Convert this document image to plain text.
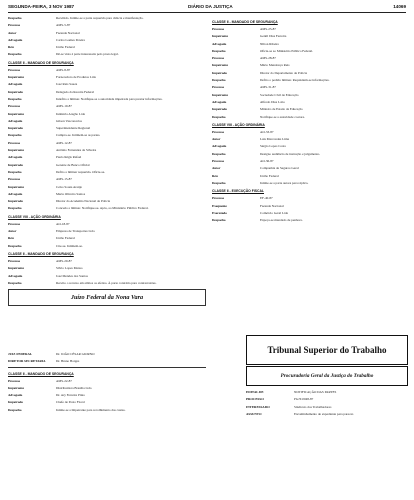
SEGUNDA-FEIRA, 3 NOV 1987	DIÁRIO DA JUSTIÇA	14069
Despacho	Recebido. Intime-se a parte requerida para ciência e manifestação.
Processo	AMS-5-87
Autor	Fazenda Nacional
Advogado	Carlos Gomes Pereira
Réu	União Federal
Despacho	Dê-se vista à parte interessada pelo prazo legal.
CLASSE II - MANDADO DE SEGURANÇA
Processo	AMS-8-87
Impetrante	Fornecedora de Produtos Ltda
Advogado	José Reis Souza
Impetrado	Delegado da Receita Federal
Despacho	Indefiro a liminar. Notifique-se a autoridade impetrada para prestar informações.
Processo	AMS-10-87
Impetrante	Indústria Aragão Ltda
Advogado	Gilson Vasconcelos
Impetrado	Superintendente Regional
Despacho	Cumpra-se. Intimem-se as partes.
Processo	AMS-12-87
Impetrante	Antônio Fernandes da Silveira
Advogado	Paulo Régis Rafael
Impetrado	Gerente de Banco Oficial
Despacho	Defiro a liminar requerida. Oficie-se.
Processo	AMS-15-87
Impetrante	Celso Souza Araújo
Advogado	Maria Oliveira Santos
Impetrado	Diretor da Academia Nacional de Polícia
Despacho	Concedo a liminar. Notifique-se. Após, ao Ministério Público Federal.
CLASSE VIII - AÇÃO ORDINÁRIA
Processo	AO-18-87
Autor	Empresa de Transportes Ltda
Réu	União Federal
Despacho	Cite-se. Intimem-se.
CLASSE II - MANDADO DE SEGURANÇA
Processo	AMS-20-87
Impetrante	Silvio Lopes Manso
Advogado	José Mendes dos Santos
Despacho	Recebo o recurso em ambos os efeitos. À parte contrária para contrarrazões.
Juízo Federal da Nona Vara
JUIZ FEDERAL	Dr. JOÃO CÉSAR GIORNO
DIRETOR SECRETARIA	Dr. Bruno Borges
CLASSE II - MANDADO DE SEGURANÇA
Processo	AMS-22-87
Impetrante	Distribuidora Brasília Ltda
Advogado	Dr. Ary Ferreira Pinto
Impetrado	Chefe de Posto Fiscal
Despacho	Intime-se a Impetrante para recolhimento das custas.
CLASSE II - MANDADO DE SEGURANÇA
Processo	AMS-25-87
Impetrante	Gentil Dias Ferreira
Advogado	Nilton Ribeiro
Despacho	Oficie-se ao Ministério Público Federal.
Processo	AMS-28-87
Impetrante	Mário Mendonça Reis
Impetrado	Diretor do Departamento de Polícia
Despacho	Defiro o pedido liminar. Requisitem-se informações.
Processo	AMS-31-87
Impetrante	Sociedade Civil de Educação
Advogado	Alfredo Dias Lobo
Impetrado	Ministro de Estado da Educação
Despacho	Notifique-se a autoridade coatora.
CLASSE VIII - AÇÃO ORDINÁRIA
Processo	AO-33-87
Autor	Luis Marcondes Lima
Advogado	Sérgio Lopes Costa
Despacho	Designo audiência de instrução e julgamento.
Processo	AO-36-87
Autor	Companhia de Seguros Geral
Réu	União Federal
Despacho	Intime-se a parte autora para réplica.
CLASSE II - EXECUÇÃO FISCAL
Processo	EF-40-87
Exequente	Fazenda Nacional
Executado	Comércio Geral Ltda
Despacho	Expeça-se mandado de penhora.
Tribunal Superior do Trabalho
Procuradoria Geral da Justiça do Trabalho
EDITAL DE	NOTIFICAÇÃO DAS PARTES
PROCESSO	PGJT-0048-87
INTERESSADO	Sindicato dos Trabalhadores
ASSUNTO	Encaminhamento de expediente para parecer.
